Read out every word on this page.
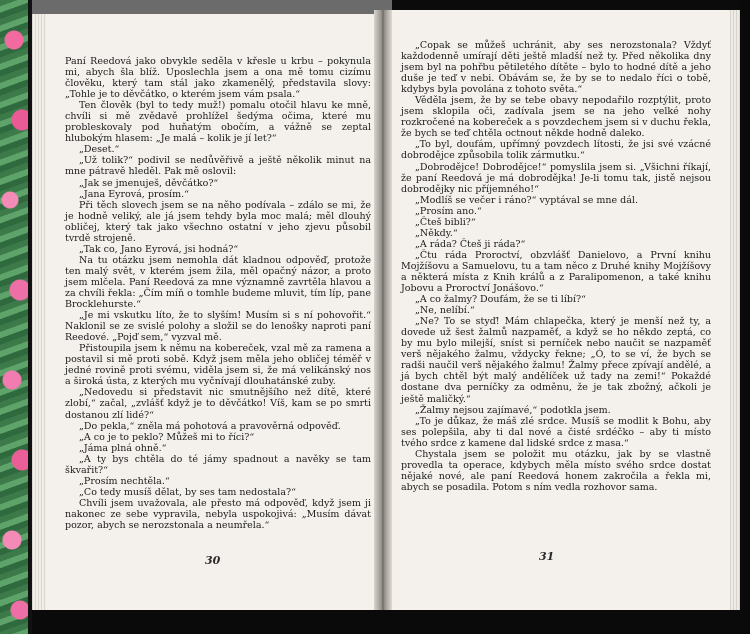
Paní Reedová jako obvykle seděla v křesle u krbu – pokynula mi, abych šla blíž. Uposlechla jsem a ona mě tomu cizímu člověku, který tam stál jako zkamenělý, představila slovy: „Tohle je to děvčátko, o kterém jsem vám psala.“

Ten člověk (byl to tedy muž!) pomalu otočil hlavu ke mně, chvíli si mě zvědavě prohlížel šedýma očima, které mu probleskovaly pod huňatým obočím, a vážně se zeptal hlubokým hlasem: „Je malá – kolik je jí let?“

„Deset.“

„Už tolik?“ podivil se nedůvěřivě a ještě několik minut na mne pátravě hleděl. Pak mě oslovil:

„Jak se jmenuješ, děvčátko?“

„Jana Eyrová, prosím.“

Při těch slovech jsem se na něho podívala – zdálo se mi, že je hodně veliký, ale já jsem tehdy byla moc malá; měl dlouhý obličej, který tak jako všechno ostatní v jeho zjevu působil tvrdě strojeně.

„Tak co, Jano Eyrová, jsi hodná?“

Na tu otázku jsem nemohla dát kladnou odpověď, protože ten malý svět, v kterém jsem žila, měl opačný názor, a proto jsem mlčela. Paní Reedová za mne významně zavrtěla hlavou a za chvíli řekla: „Čím míň o tomhle budeme mluvit, tím líp, pane Brocklehurste.“

„Je mi vskutku líto, že to slyším! Musím si s ní pohovořit.“ Naklonil se ze svislé polohy a složil se do lenošky naproti paní Reedové. „Pojď sem,“ vyzval mě.

Přistoupila jsem k němu na kobereček, vzal mě za ramena a postavil si mě proti sobě. Když jsem měla jeho obličej téměř v jedné rovině proti svému, viděla jsem si, že má velikánský nos a široká ústa, z kterých mu vyčnívají dlouhatánské zuby.

„Nedovedu si představit nic smutnějšího než dítě, které zlobí,“ začal, „zvlášť když je to děvčátko! Víš, kam se po smrti dostanou zlí lidé?“

„Do pekla,“ zněla má pohotová a pravověrná odpověď.

„A co je to peklo? Můžeš mi to říci?“

„Jáma plná ohně.“

„A ty bys chtěla do té jámy spadnout a navěky se tam škvařit?“

„Prosím nechtěla.“

„Co tedy musíš dělat, by ses tam nedostala?“

Chvíli jsem uvažovala, ale přesto má odpověď, když jsem ji nakonec ze sebe vypravila, nebyla uspokojivá: „Musím dávat pozor, abych se nerozstonala a neumřela.“

30

„Copak se můžeš uchránit, aby ses nerozstonala? Vždyť každodenně umírají děti ještě mladší než ty. Před několika dny jsem byl na pohřbu pětiletého dítěte – bylo to hodné dítě a jeho duše je teď v nebi. Obávám se, že by se to nedalo říci o tobě, kdybys byla povolána z tohoto světa.“

Věděla jsem, že by se tebe obavy nepodařilo rozptýlit, proto jsem sklopila oči, zadívala jsem se na jeho velké nohy rozkročené na kobereček a s povzdechem jsem si v duchu řekla, že bych se teď chtěla octnout někde hodně daleko.

„To byl, doufám, upřímný povzdech lítosti, že jsi své vzácné dobrodějce způsobila tolik zármutku.“

„Dobrodějce! Dobrodějce!“ pomyslila jsem si. „Všichni říkají, že paní Reedová je má dobrodějka! Je-li tomu tak, jistě nejsou dobrodějky nic příjemného!“

„Modlíš se večer i ráno?“ vyptával se mne dál.

„Prosím ano.“

„Čteš bibli?“

„Někdy.“

„A ráda? Čteš ji ráda?“

„Čtu ráda Proroctví, obzvlášť Danielovo, a První knihu Mojžíšovu a Samuelovu, tu a tam něco z Druhé knihy Mojžíšovy a některá místa z Knih králů a z Paralipomenon, a také knihu Jobovu a Proroctví Jonášovo.“

„A co žalmy? Doufám, že se ti líbí?“

„Ne, nelíbí.“

„Ne? To se styď! Mám chlapečka, který je menší než ty, a dovede už šest žalmů nazpaměť, a když se ho někdo zeptá, co by mu bylo milejší, sníst si perníček nebo naučit se nazpaměť verš nějakého žalmu, vždycky řekne; „Ó, to se ví, že bych se radši naučil verš nějakého žalmu! Žalmy přece zpívají andělé, a já bych chtěl být malý andělíček už tady na zemi!“ Pokaždé dostane dva perníčky za odměnu, že je tak zbožný, ačkoli je ještě maličký.“

„Žalmy nejsou zajímavé,“ podotkla jsem.

„To je důkaz, že máš zlé srdce. Musíš se modlit k Bohu, aby ses polepšila, aby ti dal nové a čisté srdéčko – aby ti místo tvého srdce z kamene dal lidské srdce z masa.“

Chystala jsem se položit mu otázku, jak by se vlastně provedla ta operace, kdybych měla místo svého srdce dostat nějaké nové, ale paní Reedová honem zakročila a řekla mi, abych se posadila. Potom s ním vedla rozhovor sama.

31
